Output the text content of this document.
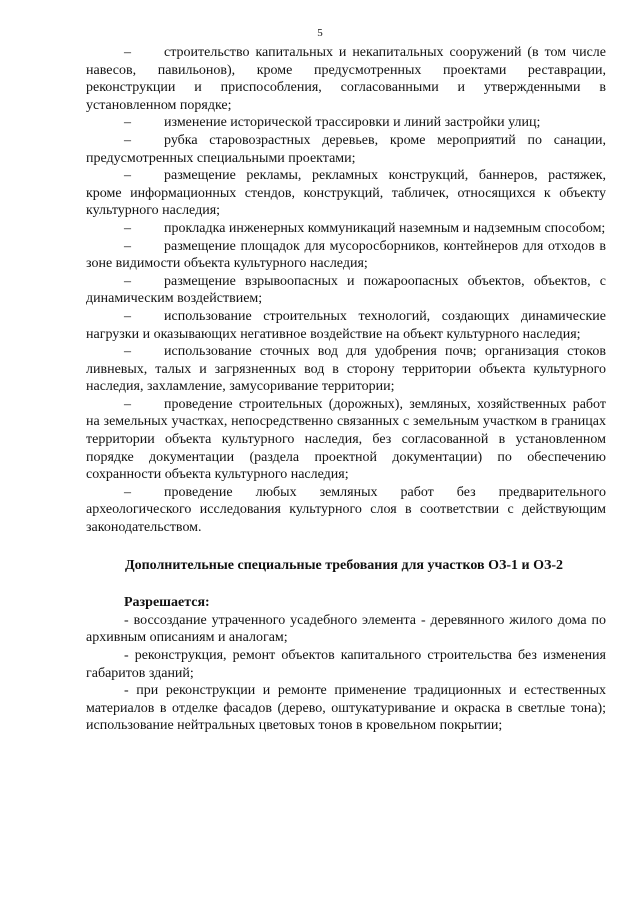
5

– строительство капитальных и некапитальных сооружений (в том числе навесов, павильонов), кроме предусмотренных проектами реставрации, реконструкции и приспособления, согласованными и утвержденными в установленном порядке;

– изменение исторической трассировки и линий застройки улиц;

– рубка старовозрастных деревьев, кроме мероприятий по санации, предусмотренных специальными проектами;

– размещение рекламы, рекламных конструкций, баннеров, растяжек, кроме информационных стендов, конструкций, табличек, относящихся к объекту культурного наследия;

– прокладка инженерных коммуникаций наземным и надземным способом;

– размещение площадок для мусоросборников, контейнеров для отходов в зоне видимости объекта культурного наследия;

– размещение взрывоопасных и пожароопасных объектов, объектов, с динамическим воздействием;

– использование строительных технологий, создающих динамические нагрузки и оказывающих негативное воздействие на объект культурного наследия;

– использование сточных вод для удобрения почв; организация стоков ливневых, талых и загрязненных вод в сторону территории объекта культурного наследия, захламление, замусоривание территории;

– проведение строительных (дорожных), земляных, хозяйственных работ на земельных участках, непосредственно связанных с земельным участком в границах территории объекта культурного наследия, без согласованной в установленном порядке документации (раздела проектной документации) по обеспечению сохранности объекта культурного наследия;

– проведение любых земляных работ без предварительного археологического исследования культурного слоя в соответствии с действующим законодательством.

Дополнительные специальные требования для участков ОЗ-1 и ОЗ-2
Разрешается:

- воссоздание утраченного усадебного элемента - деревянного жилого дома по архивным описаниям и аналогам;

- реконструкция, ремонт объектов капитального строительства без изменения габаритов зданий;

- при реконструкции и ремонте применение традиционных и естественных материалов в отделке фасадов (дерево, оштукатуривание и окраска в светлые тона); использование нейтральных цветовых тонов в кровельном покрытии;
